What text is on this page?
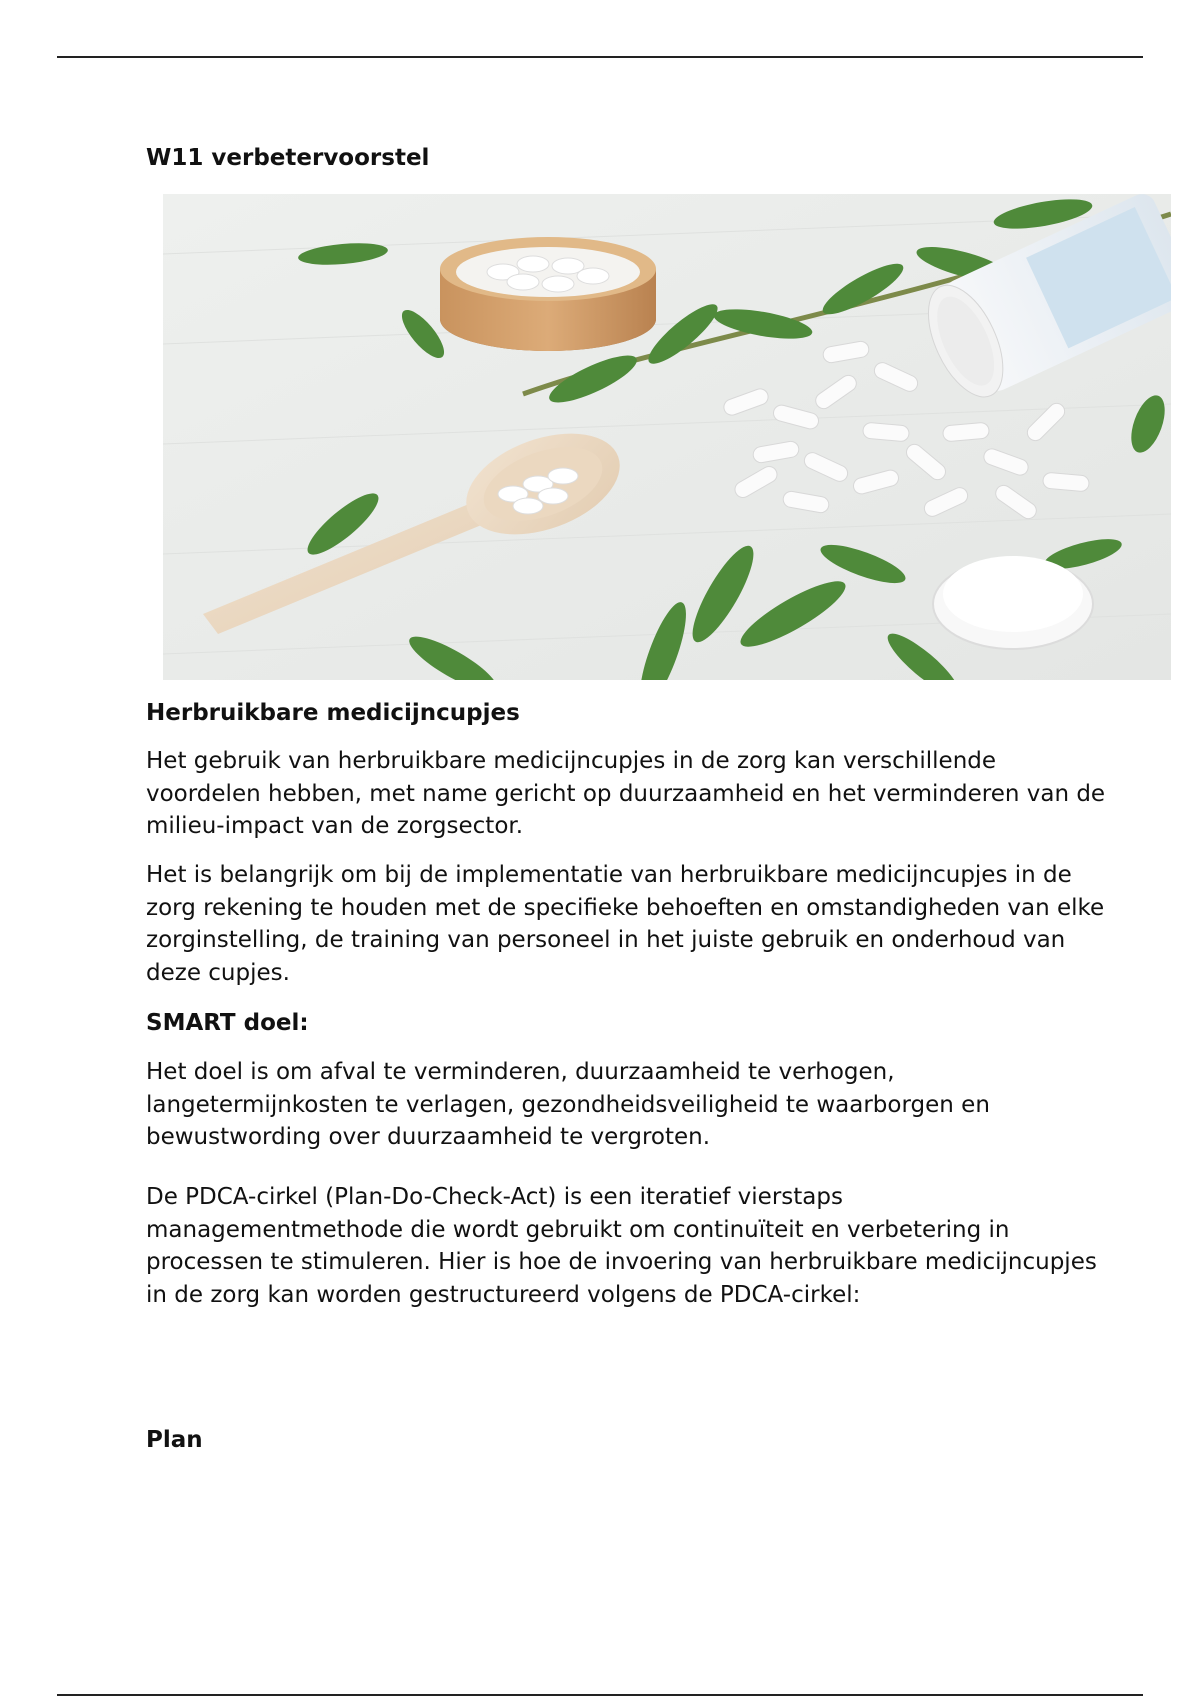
W11 verbetervoorstel
Herbruikbare medicijncupjes

Het gebruik van herbruikbare medicijncupjes in de zorg kan verschillende voordelen hebben, met name gericht op duurzaamheid en het verminderen van de milieu-impact van de zorgsector.

Het is belangrijk om bij de implementatie van herbruikbare medicijncupjes in de zorg rekening te houden met de specifieke behoeften en omstandigheden van elke zorginstelling, de training van personeel in het juiste gebruik en onderhoud van deze cupjes.

SMART doel:

Het doel is om afval te verminderen, duurzaamheid te verhogen, langetermijnkosten te verlagen, gezondheidsveiligheid te waarborgen en bewustwording over duurzaamheid te vergroten.

De PDCA-cirkel (Plan-Do-Check-Act) is een iteratief vierstaps managementmethode die wordt gebruikt om continuïteit en verbetering in processen te stimuleren. Hier is hoe de invoering van herbruikbare medicijncupjes in de zorg kan worden gestructureerd volgens de PDCA-cirkel:

Plan
